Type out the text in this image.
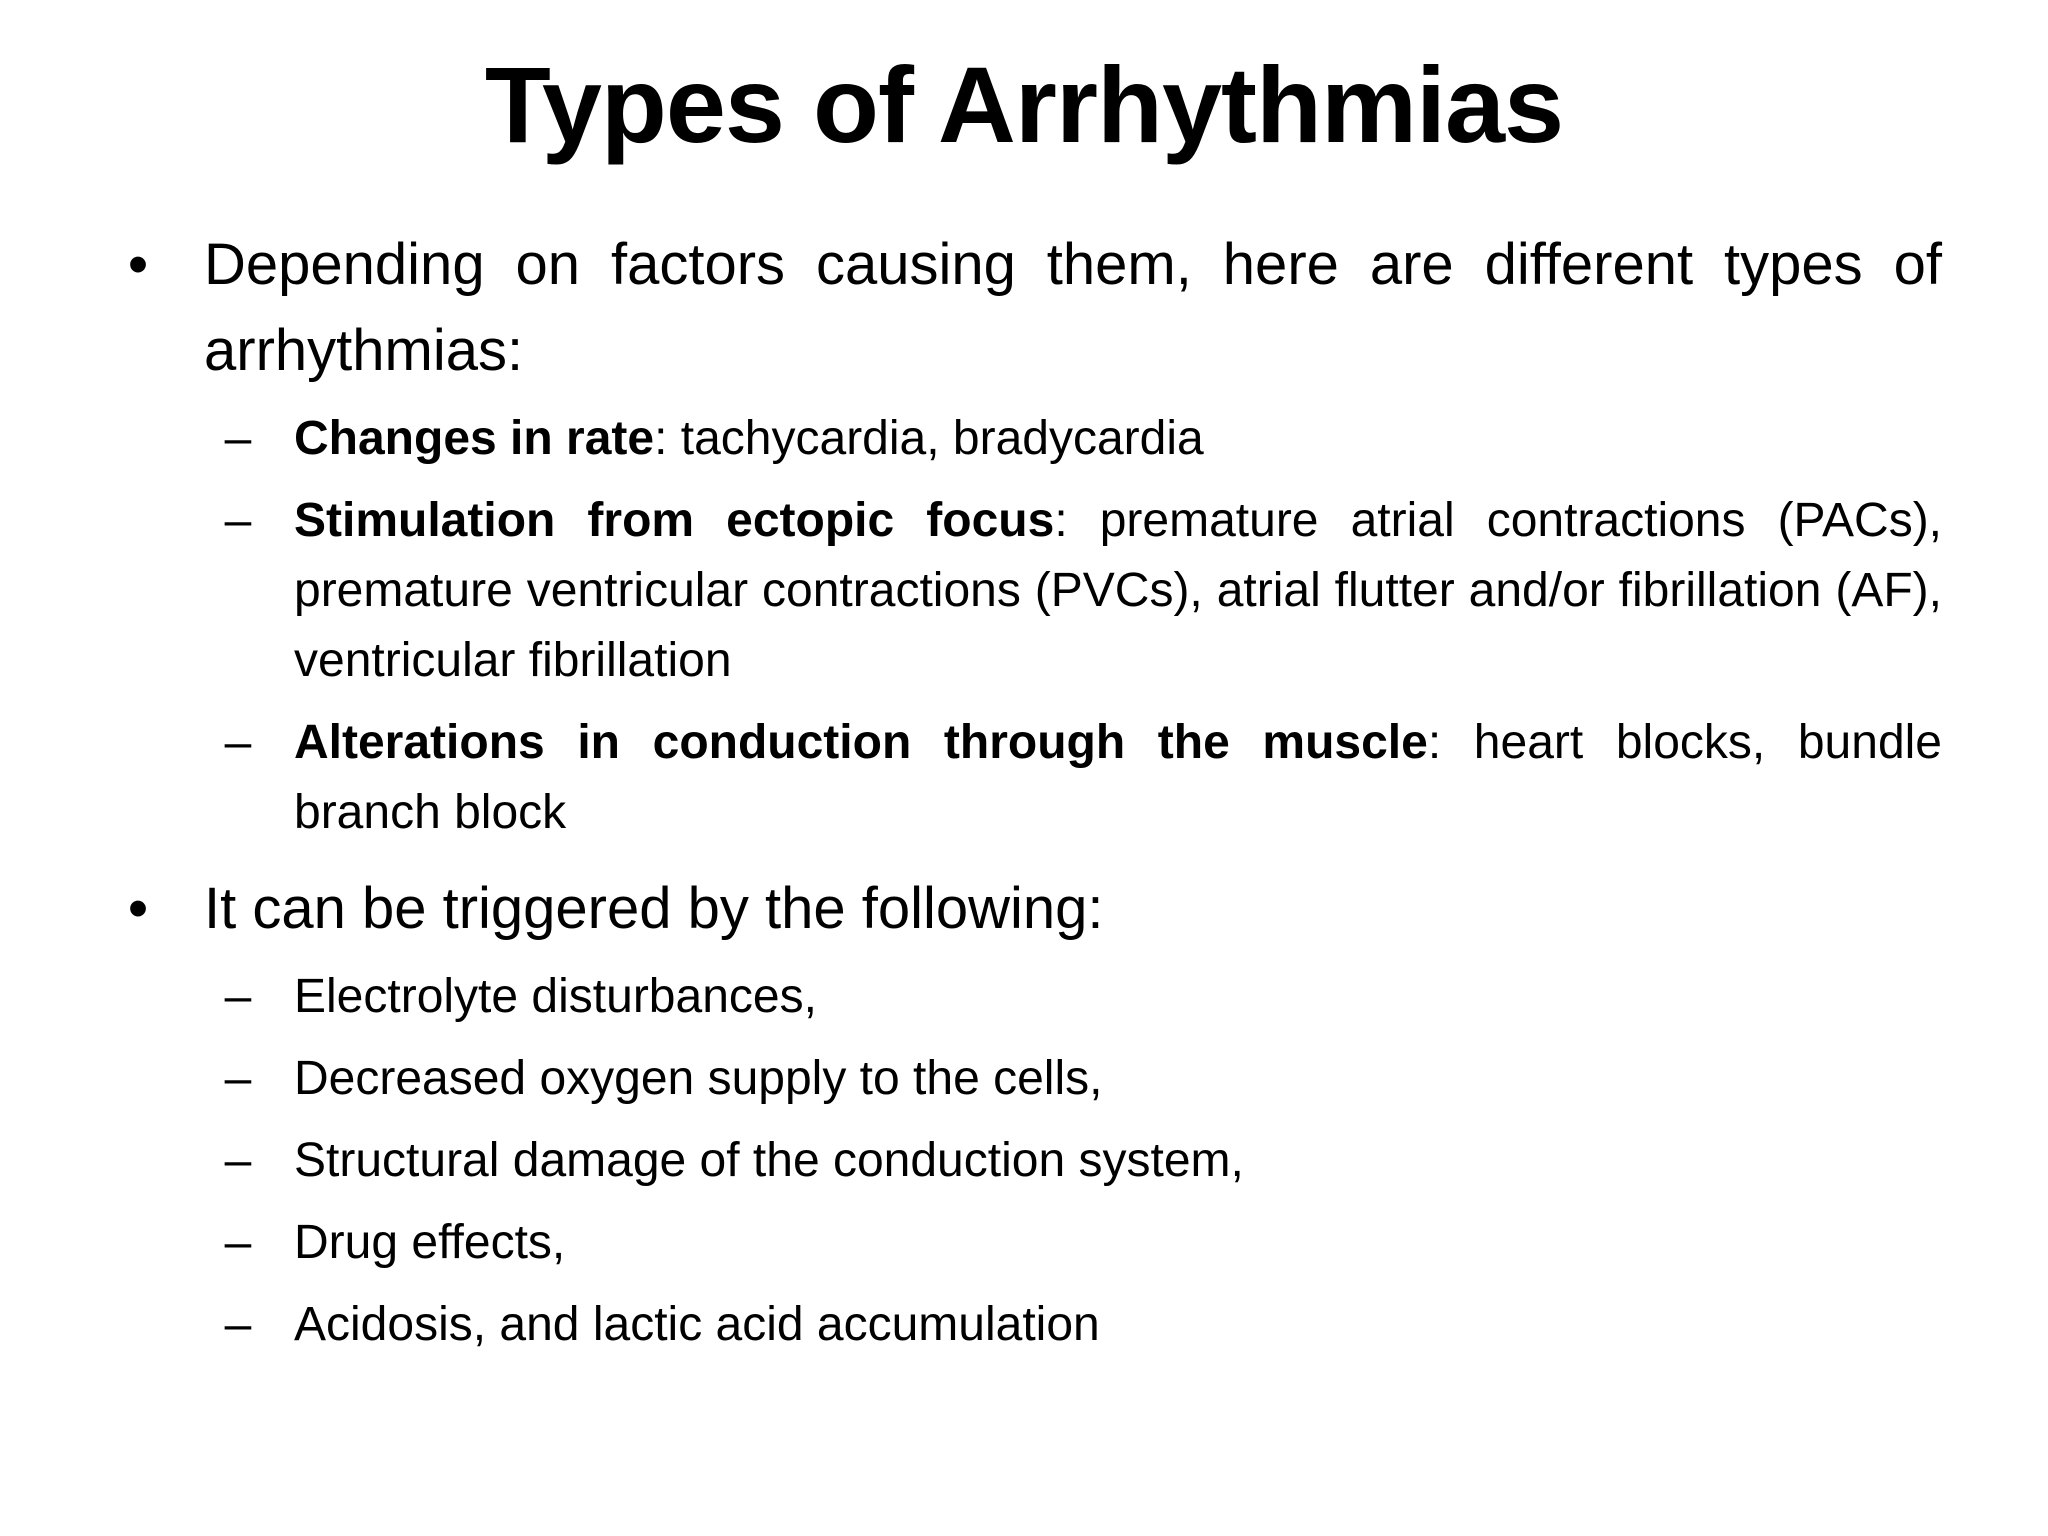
Types of Arrhythmias
• Depending on factors causing them, here are different types of arrhythmias:
– Changes in rate: tachycardia, bradycardia
– Stimulation from ectopic focus: premature atrial contractions (PACs), premature ventricular contractions (PVCs), atrial flutter and/or fibrillation (AF), ventricular fibrillation
– Alterations in conduction through the muscle: heart blocks, bundle branch block
• It can be triggered by the following:
– Electrolyte disturbances,
– Decreased oxygen supply to the cells,
– Structural damage of the conduction system,
– Drug effects,
– Acidosis, and lactic acid accumulation
